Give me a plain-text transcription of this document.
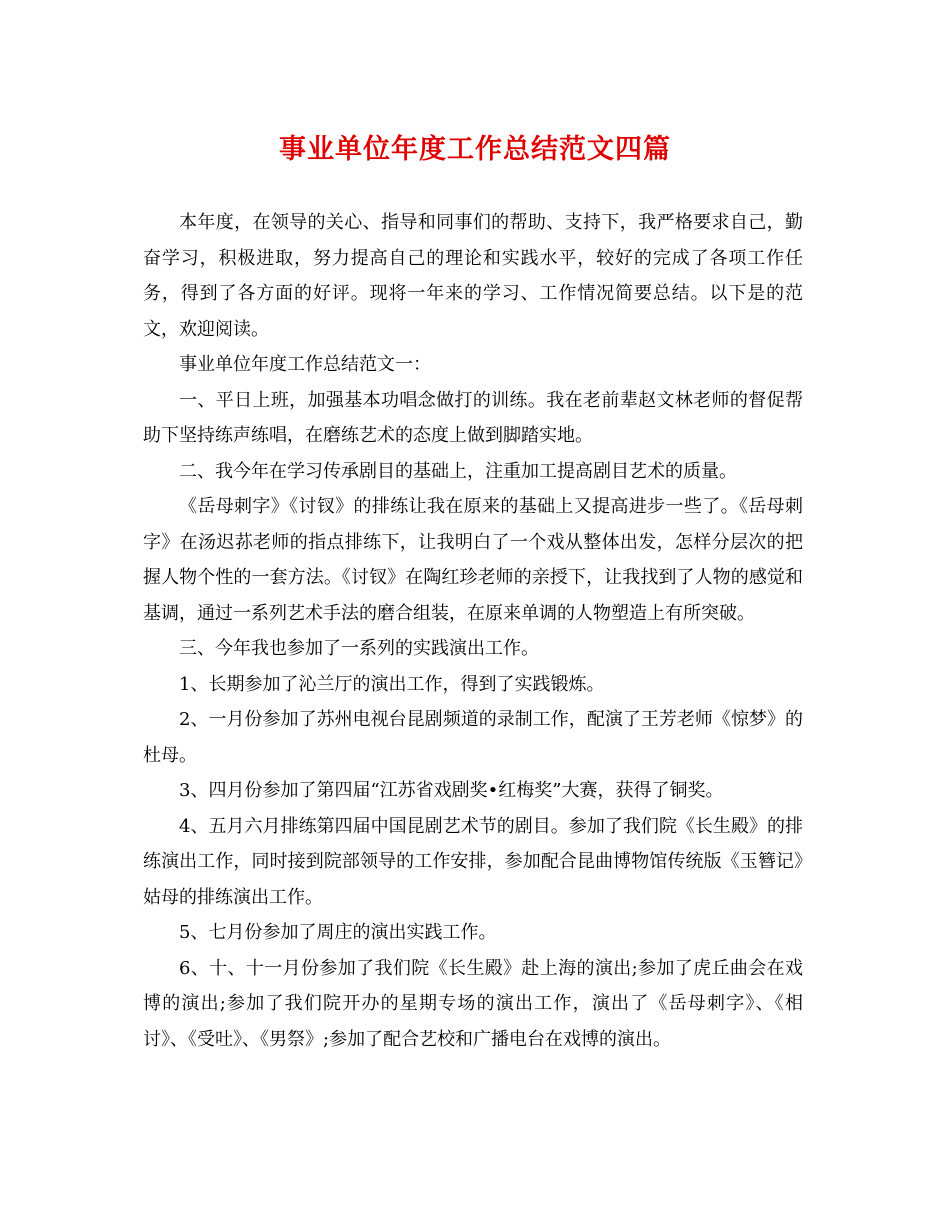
事业单位年度工作总结范文四篇

本年度，在领导的关心、指导和同事们的帮助、支持下，我严格要求自己，勤奋学习，积极进取，努力提高自己的理论和实践水平，较好的完成了各项工作任务，得到了各方面的好评。现将一年来的学习、工作情况简要总结。以下是的范文，欢迎阅读。

事业单位年度工作总结范文一：

一、平日上班，加强基本功唱念做打的训练。我在老前辈赵文林老师的督促帮助下坚持练声练唱，在磨练艺术的态度上做到脚踏实地。

二、我今年在学习传承剧目的基础上，注重加工提高剧目艺术的质量。

《岳母刺字》《讨钗》的排练让我在原来的基础上又提高进步一些了。《岳母刺字》在汤迟荪老师的指点排练下，让我明白了一个戏从整体出发，怎样分层次的把握人物个性的一套方法。《讨钗》在陶红珍老师的亲授下，让我找到了人物的感觉和基调，通过一系列艺术手法的磨合组装，在原来单调的人物塑造上有所突破。

三、今年我也参加了一系列的实践演出工作。

1、长期参加了沁兰厅的演出工作，得到了实践锻炼。

2、一月份参加了苏州电视台昆剧频道的录制工作，配演了王芳老师《惊梦》的杜母。

3、四月份参加了第四届“江苏省戏剧奖•红梅奖”大赛，获得了铜奖。

4、五月六月排练第四届中国昆剧艺术节的剧目。参加了我们院《长生殿》的排练演出工作，同时接到院部领导的工作安排，参加配合昆曲博物馆传统版《玉簪记》姑母的排练演出工作。

5、七月份参加了周庄的演出实践工作。

6、十、十一月份参加了我们院《长生殿》赴上海的演出;参加了虎丘曲会在戏博的演出;参加了我们院开办的星期专场的演出工作，演出了《岳母刺字》、《相讨》、《受吐》、《男祭》;参加了配合艺校和广播电台在戏博的演出。
